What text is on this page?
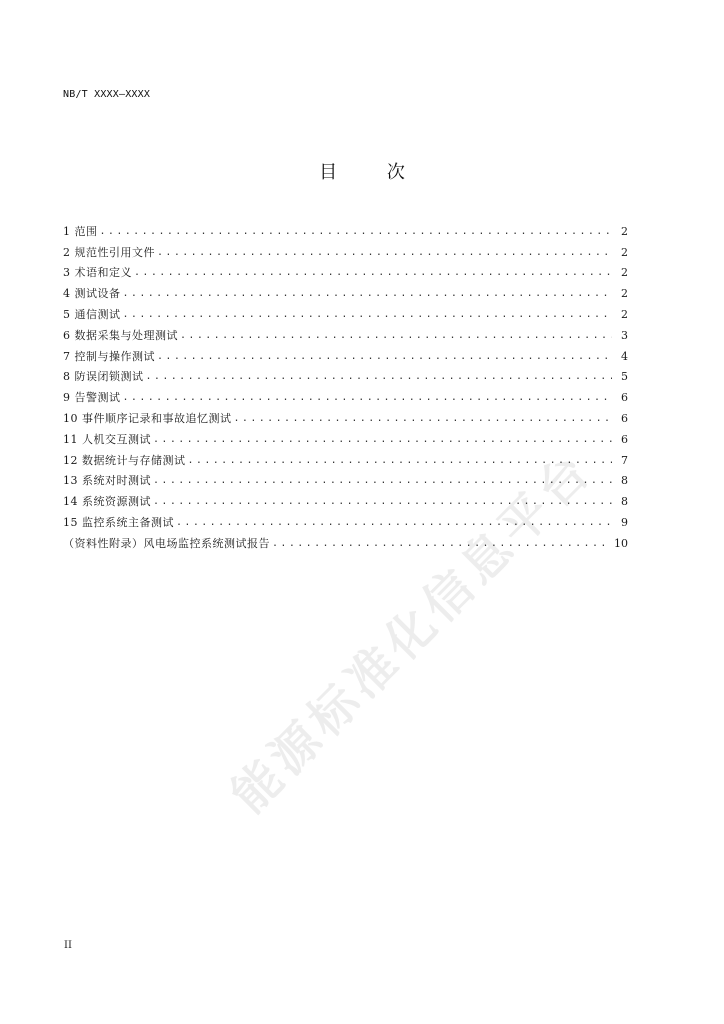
NB/T XXXX—XXXX
目 次
1 范围 .....	2
2 规范性引用文件 .....	2
3 术语和定义 .....	2
4 测试设备 .....	2
5 通信测试 .....	2
6 数据采集与处理测试 .....	3
7 控制与操作测试 .....	4
8 防误闭锁测试 .....	5
9 告警测试 .....	6
10 事件顺序记录和事故追忆测试 .....	6
11 人机交互测试 .....	6
12 数据统计与存储测试 .....	7
13 系统对时测试 .....	8
14 系统资源测试 .....	8
15 监控系统主备测试 .....	9
（资料性附录）风电场监控系统测试报告 .....	10
能源标准化信息平台
II
